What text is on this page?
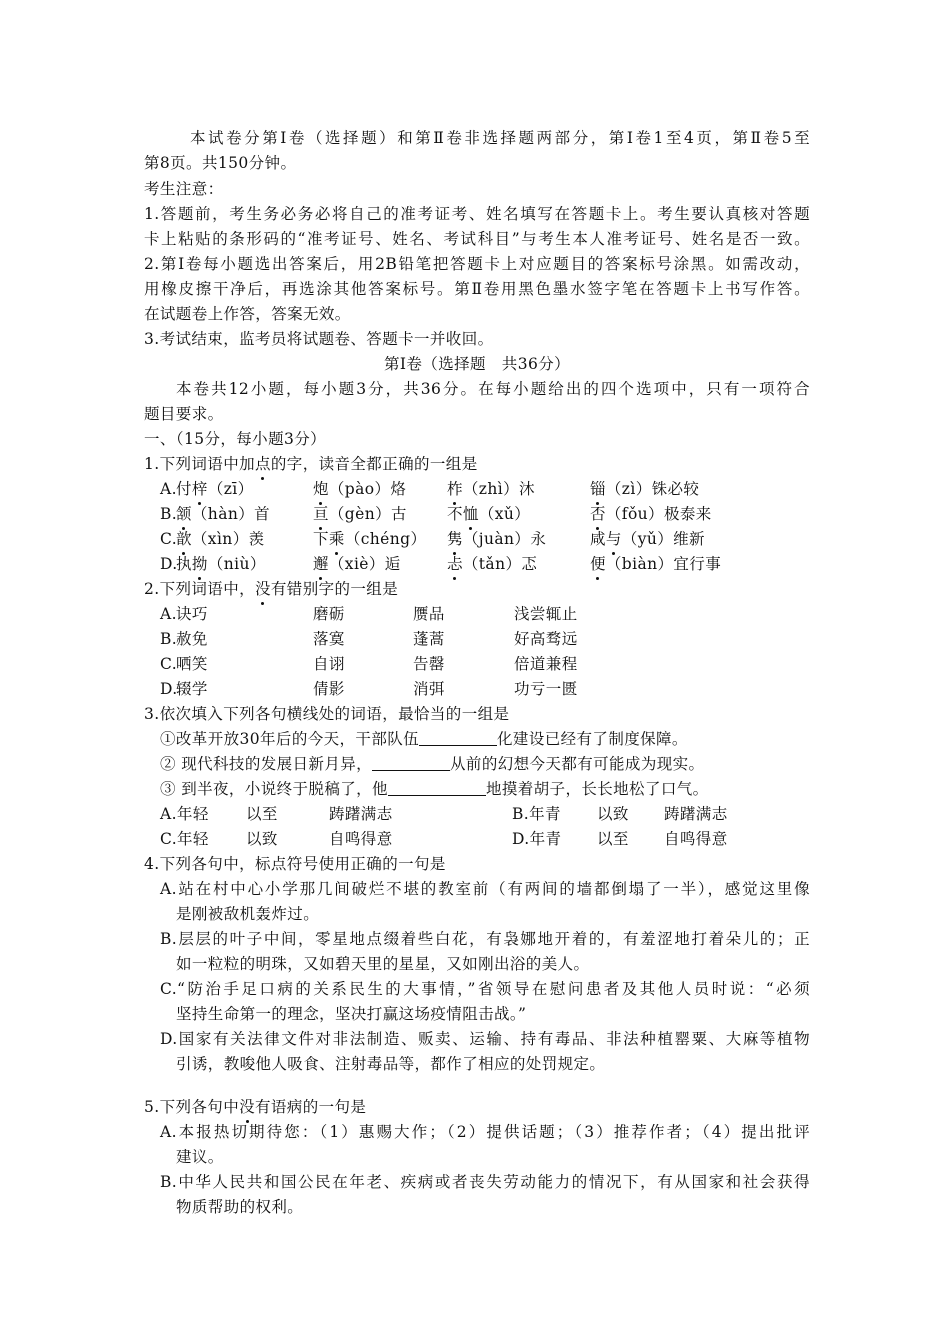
本试卷分第Ⅰ卷（选择题）和第Ⅱ卷非选择题两部分，第Ⅰ卷1至4页，第Ⅱ卷5至
第8页。共150分钟。
考生注意：
1.答题前，考生务必务必将自己的准考证考、姓名填写在答题卡上。考生要认真核对答题
卡上粘贴的条形码的“准考证号、姓名、考试科目”与考生本人准考证号、姓名是否一致。
2.第Ⅰ卷每小题选出答案后，用2B铅笔把答题卡上对应题目的答案标号涂黑。如需改动，
用橡皮擦干净后，再选涂其他答案标号。第Ⅱ卷用黑色墨水签字笔在答题卡上书写作答。
在试题卷上作答，答案无效。
3.考试结束，监考员将试题卷、答题卡一并收回。
第Ⅰ卷（选择题　共36分）
本卷共12小题，每小题3分，共36分。在每小题给出的四个选项中，只有一项符合
题目要求。
一、（15分，每小题3分）
1.下列词语中加点的字，读音全都正确的一组是
A. 付梓（zī）	炮（pào）烙	柞（zhì）沐	锱（zì）铢必较
B.
颔（hàn）首	亘（gèn）古	不恤（xǔ）	否（fǒu）极泰来
C.
歆（xìn）羡	下乘（chéng） 隽（juàn）永	咸与（yǔ）维新
D.
执拗（niù）	邂（xiè）逅	忐（tǎn）忑	便（biàn）宜行事
2.下列词语中，没有错别字的一组是
A. 诀巧	磨砺	赝品	浅尝辄止
B.
赦免	落寞	蓬蒿	好高骛远
C.
哂笑	自诩	告罄	倍道兼程
D.
辍学	倩影	消弭	功亏一匮
3.依次填入下列各句横线处的词语，最恰当的一组是
①改革开放30年后的今天，干部队伍	化建设已经有了制度保障。
② 现代科技的发展日新月异，	从前的幻想今天都有可能成为现实。
③ 到半夜，小说终于脱稿了，他	地摸着胡子，长长地松了口气。
A.年轻 以至	踌躇满志	B.年青 以致 踌躇满志
C.年轻 以致	自鸣得意	D.年青 以至 自鸣得意
4.下列各句中，标点符号使用正确的一句是
A.站在村中心小学那几间破烂不堪的教室前（有两间的墙都倒塌了一半），感觉这里像
是刚被敌机轰炸过。
B.层层的叶子中间，零星地点缀着些白花，有袅娜地开着的，有羞涩地打着朵儿的；正
如一粒粒的明珠，又如碧天里的星星，又如刚出浴的美人。
C.“防治手足口病的关系民生的大事情，”省领导在慰问患者及其他人员时说：“必须
坚持生命第一的理念，坚决打赢这场疫情阻击战。”
D.国家有关法律文件对非法制造、贩卖、运输、持有毒品、非法种植罂粟、大麻等植物
引诱，教唆他人吸食、注射毒品等，都作了相应的处罚规定。
5.下列各句中没有语病的一句是
A.本报热切期待您：（1）惠赐大作；（2）提供话题；（3）推荐作者；（4）提出批评
建议。
B.中华人民共和国公民在年老、疾病或者丧失劳动能力的情况下，有从国家和社会获得
物质帮助的权利。
